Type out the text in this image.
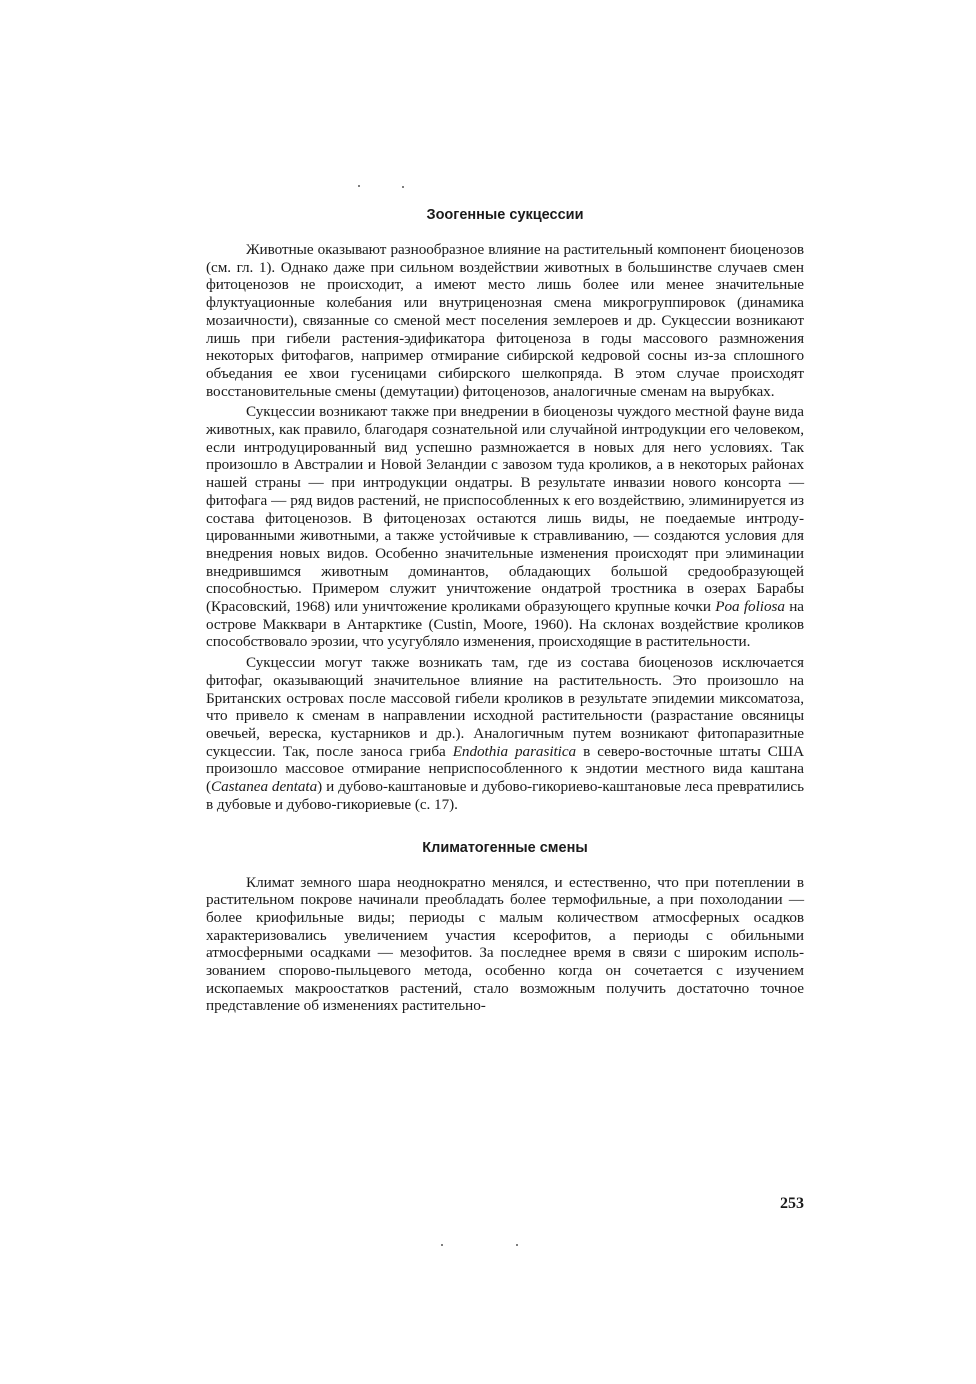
Зоогенные сукцессии

Животные оказывают разнообразное влияние на растительный компонент биоценозов (см. гл. 1). Однако даже при сильном воздействии животных в большинстве случаев смен фитоценозов не происходит, а имеют место лишь более или менее значительные флуктуационные колебания или внутриценозная смена микрогруппировок (динамика мозаичности), связанные со сменой мест поселения землероев и др. Сукцессии возникают лишь при гибели растения-эдификатора фитоценоза в годы массового размножения некоторых фитофагов, например отмирание сибирской кедровой сосны из-за сплошного объедания ее хвои гусеницами сибирского шелкопряда. В этом случае происходят восстановительные смены (демутации) фитоценозов, аналогичные сменам на вырубках.

Сукцессии возникают также при внедрении в биоценозы чуждого местной фауне вида животных, как правило, благодаря сознательной или случайной интродукции его человеком, если интродуцированный вид успешно размножается в новых для него условиях. Так произошло в Австралии и Новой Зеландии с завозом туда кроликов, а в некоторых районах нашей страны — при интродукции ондатры. В результате инвазии нового консорта — фитофага — ряд видов растений, не приспособленных к его воздействию, элиминируется из состава фитоценозов. В фитоценозах остаются лишь виды, не поедаемые интродуцированными животными, а также устойчивые к стравливанию, — создаются условия для внедрения новых видов. Особенно значительные изменения происходят при элиминации внедрившимся животным доминантов, обладающих большой средообразующей способностью. Примером служит уничтожение ондатрой тростника в озерах Барабы (Красовский, 1968) или уничтожение кроликами образующего крупные кочки Poa foliosa на острове Макквари в Антарктике (Custin, Moore, 1960). На склонах воздействие кроликов способствовало эрозии, что усугубляло изменения, происходящие в растительности.

Сукцессии могут также возникать там, где из состава биоценозов исключается фитофаг, оказывающий значительное влияние на растительность. Это произошло на Британских островах после массовой гибели кроликов в результате эпидемии миксоматоза, что привело к сменам в направлении исходной растительности (разрастание овсяницы овечьей, вереска, кустарников и др.). Аналогичным путем возникают фитопаразитные сукцессии. Так, после заноса гриба Endothia parasitica в северо-восточные штаты США произошло массовое отмирание неприспособленного к эндотии местного вида каштана (Castanea dentata) и дубово-каштановые и дубово-гикориево-каштановые леса превратились в дубовые и дубово-гикориевые (с. 17).

Климатогенные смены

Климат земного шара неоднократно менялся, и естественно, что при потеплении в растительном покрове начинали преобладать более термофильные, а при похолодании — более криофильные виды; периоды с малым количеством атмосферных осадков характеризовались увеличением участия ксерофитов, а периоды с обильными атмосферными осадками — мезофитов. За последнее время в связи с широким использованием спорово-пыльцевого метода, особенно когда он сочетается с изучением ископаемых макроостатков растений, стало возможным получить достаточно точное представление об изменениях растительно-

253
